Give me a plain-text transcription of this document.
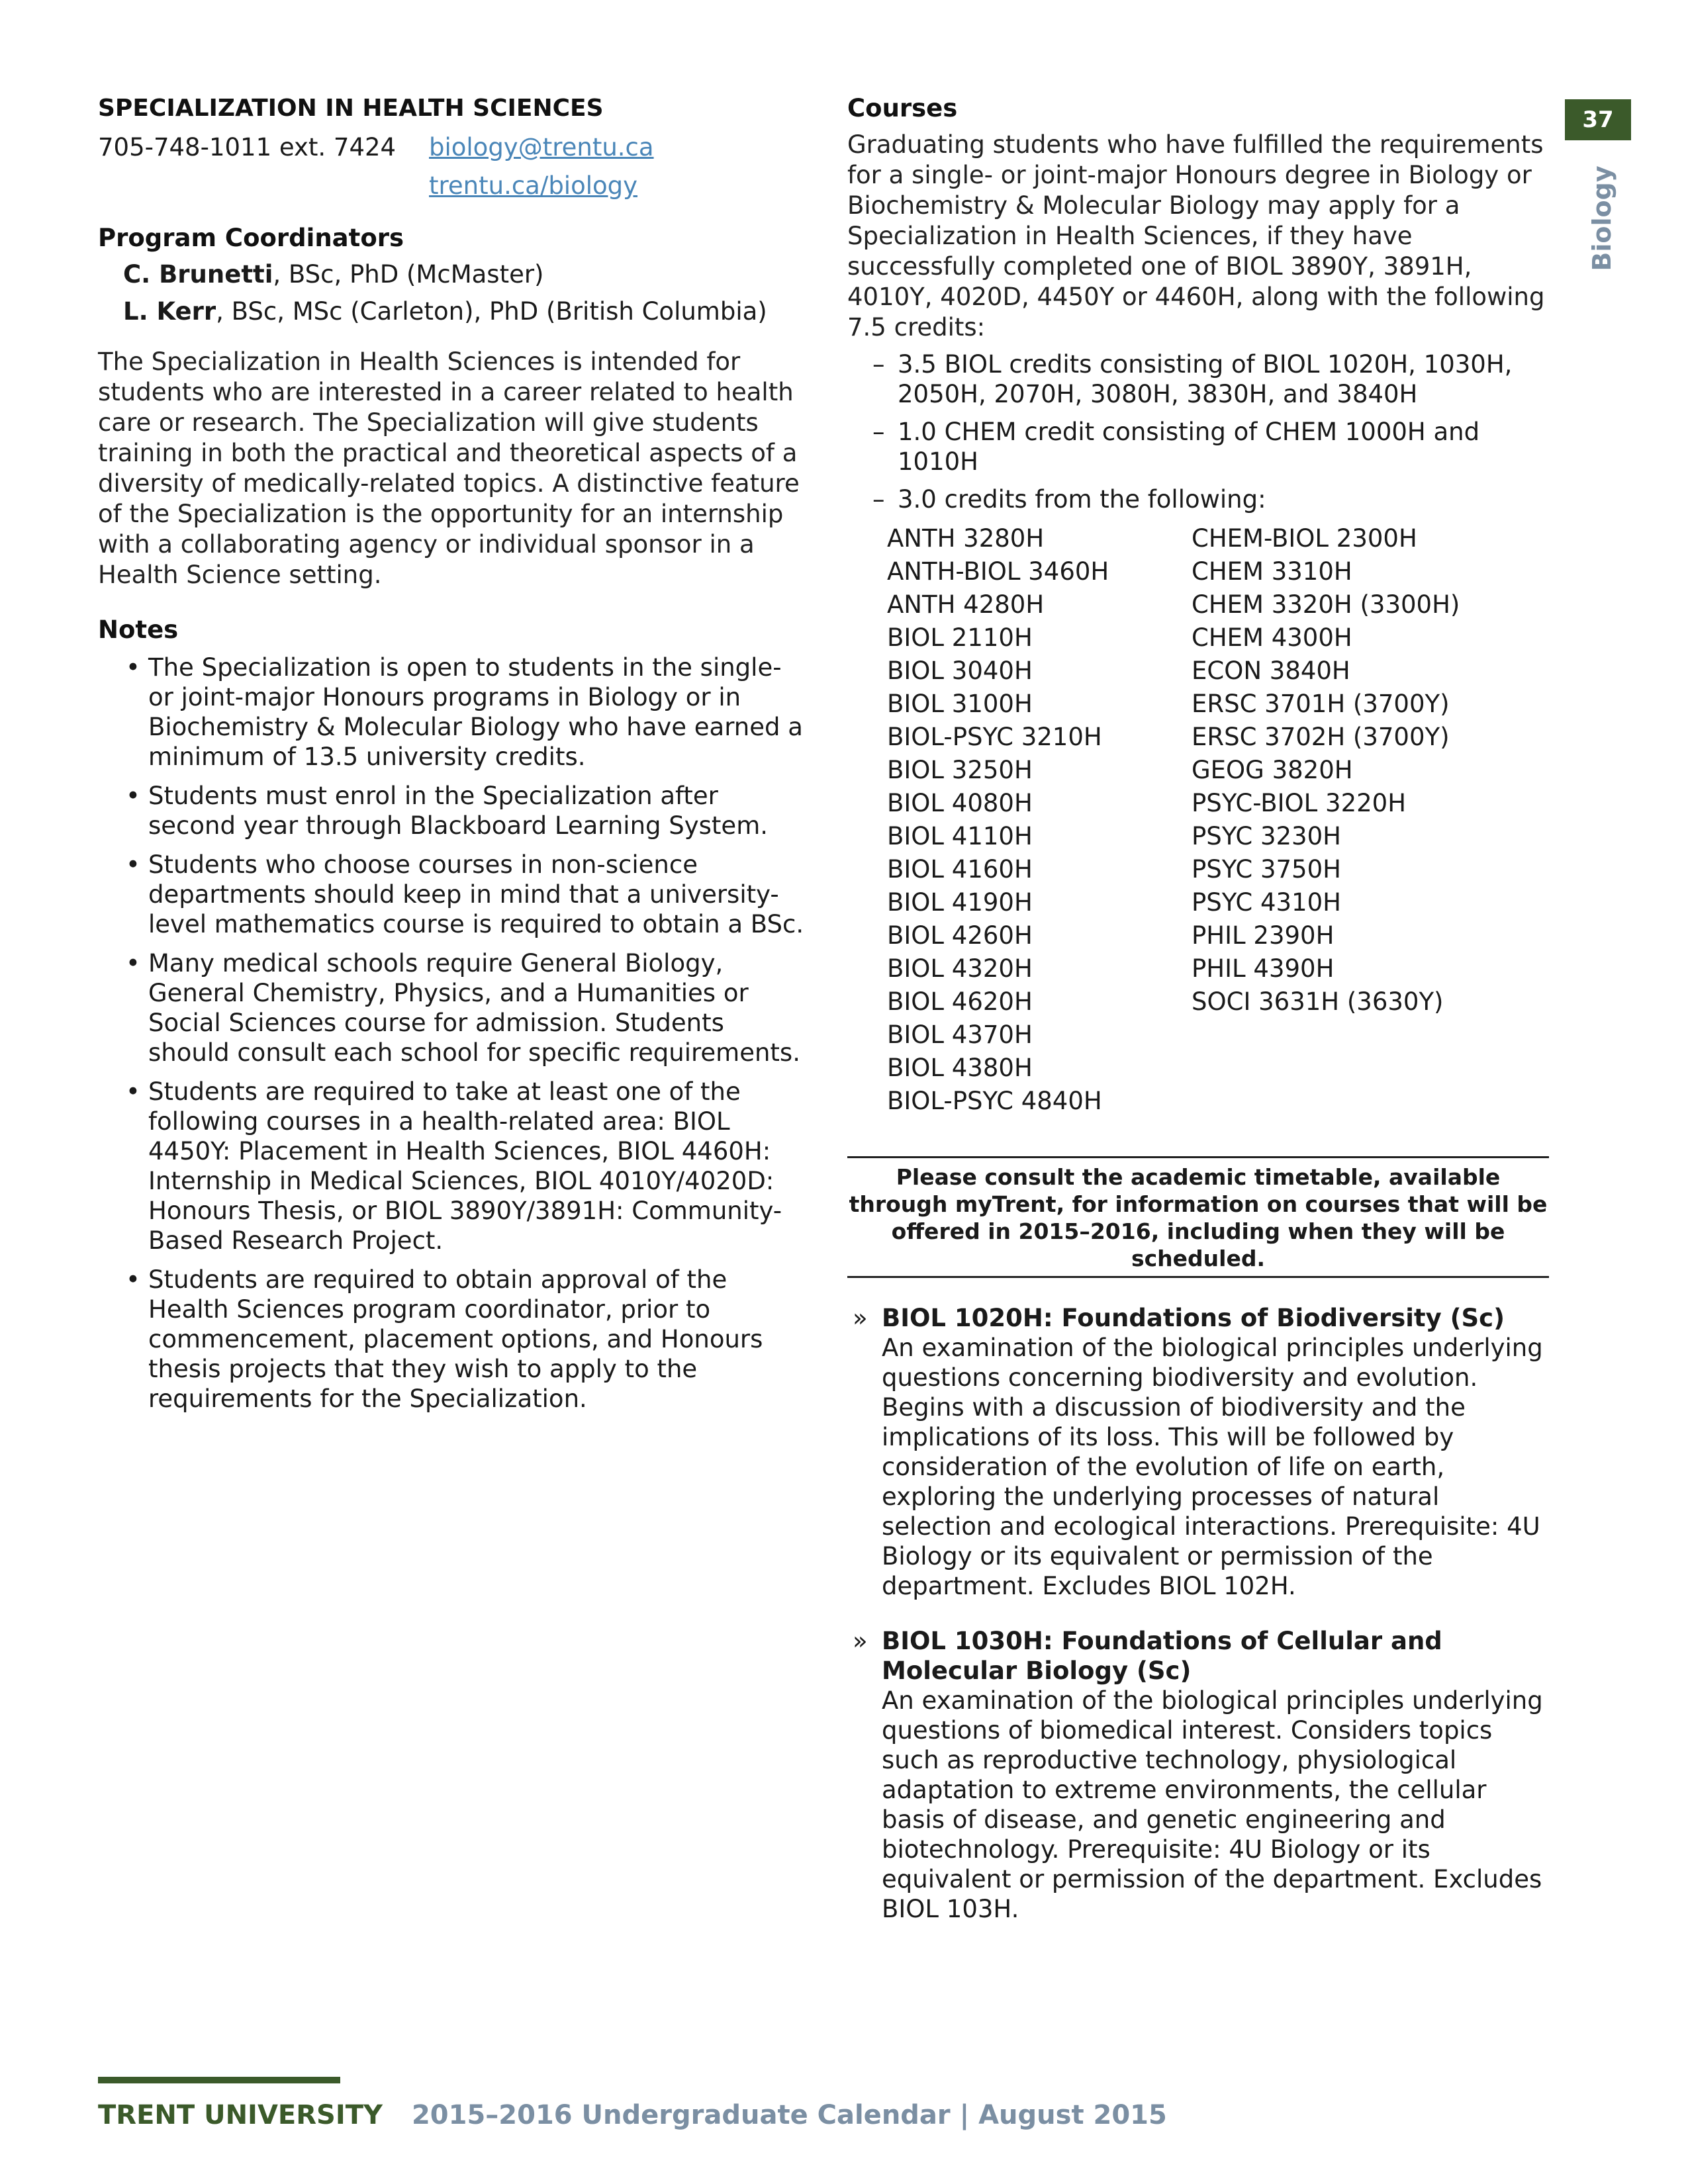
SPECIALIZATION IN HEALTH SCIENCES
705-748-1011 ext. 7424	biology@trentu.ca
trentu.ca/biology
Program Coordinators
C. Brunetti, BSc, PhD (McMaster)
L. Kerr, BSc, MSc (Carleton), PhD (British Columbia)

The Specialization in Health Sciences is intended for students who are interested in a career related to health care or research. The Specialization will give students training in both the practical and theoretical aspects of a diversity of medically-related topics. A distinctive feature of the Specialization is the opportunity for an internship with a collaborating agency or individual sponsor in a Health Science setting.

Notes
• The Specialization is open to students in the single- or joint-major Honours programs in Biology or in Biochemistry & Molecular Biology who have earned a minimum of 13.5 university credits.
• Students must enrol in the Specialization after second year through Blackboard Learning System.
• Students who choose courses in non-science departments should keep in mind that a university-level mathematics course is required to obtain a BSc.
• Many medical schools require General Biology, General Chemistry, Physics, and a Humanities or Social Sciences course for admission. Students should consult each school for specific requirements.
• Students are required to take at least one of the following courses in a health-related area: BIOL 4450Y: Placement in Health Sciences, BIOL 4460H: Internship in Medical Sciences, BIOL 4010Y/4020D: Honours Thesis, or BIOL 3890Y/3891H: Community-Based Research Project.
• Students are required to obtain approval of the Health Sciences program coordinator, prior to commencement, placement options, and Honours thesis projects that they wish to apply to the requirements for the Specialization.
Courses

Graduating students who have fulfilled the requirements for a single- or joint-major Honours degree in Biology or Biochemistry & Molecular Biology may apply for a Specialization in Health Sciences, if they have successfully completed one of BIOL 3890Y, 3891H, 4010Y, 4020D, 4450Y or 4460H, along with the following 7.5 credits:

– 3.5 BIOL credits consisting of BIOL 1020H, 1030H, 2050H, 2070H, 3080H, 3830H, and 3840H
– 1.0 CHEM credit consisting of CHEM 1000H and 1010H
– 3.0 credits from the following:
ANTH 3280H
ANTH-BIOL 3460H
ANTH 4280H
BIOL 2110H
BIOL 3040H
BIOL 3100H
BIOL-PSYC 3210H
BIOL 3250H
BIOL 4080H
BIOL 4110H
BIOL 4160H
BIOL 4190H
BIOL 4260H
BIOL 4320H
BIOL 4620H
BIOL 4370H
BIOL 4380H
BIOL-PSYC 4840H
CHEM-BIOL 2300H
CHEM 3310H
CHEM 3320H (3300H)
CHEM 4300H
ECON 3840H
ERSC 3701H (3700Y)
ERSC 3702H (3700Y)
GEOG 3820H
PSYC-BIOL 3220H
PSYC 3230H
PSYC 3750H
PSYC 4310H
PHIL 2390H
PHIL 4390H
SOCI 3631H (3630Y)
Please consult the academic timetable, available through myTrent, for information on courses that will be offered in 2015–2016, including when they will be scheduled.
» BIOL 1020H: Foundations of Biodiversity (Sc)
An examination of the biological principles underlying questions concerning biodiversity and evolution. Begins with a discussion of biodiversity and the implications of its loss. This will be followed by consideration of the evolution of life on earth, exploring the underlying processes of natural selection and ecological interactions. Prerequisite: 4U Biology or its equivalent or permission of the department. Excludes BIOL 102H.
» BIOL 1030H: Foundations of Cellular and Molecular Biology (Sc)
An examination of the biological principles underlying questions of biomedical interest. Considers topics such as reproductive technology, physiological adaptation to extreme environments, the cellular basis of disease, and genetic engineering and biotechnology. Prerequisite: 4U Biology or its equivalent or permission of the department. Excludes BIOL 103H.
37
Biology
TRENT UNIVERSITY 2015–2016 Undergraduate Calendar | August 2015
